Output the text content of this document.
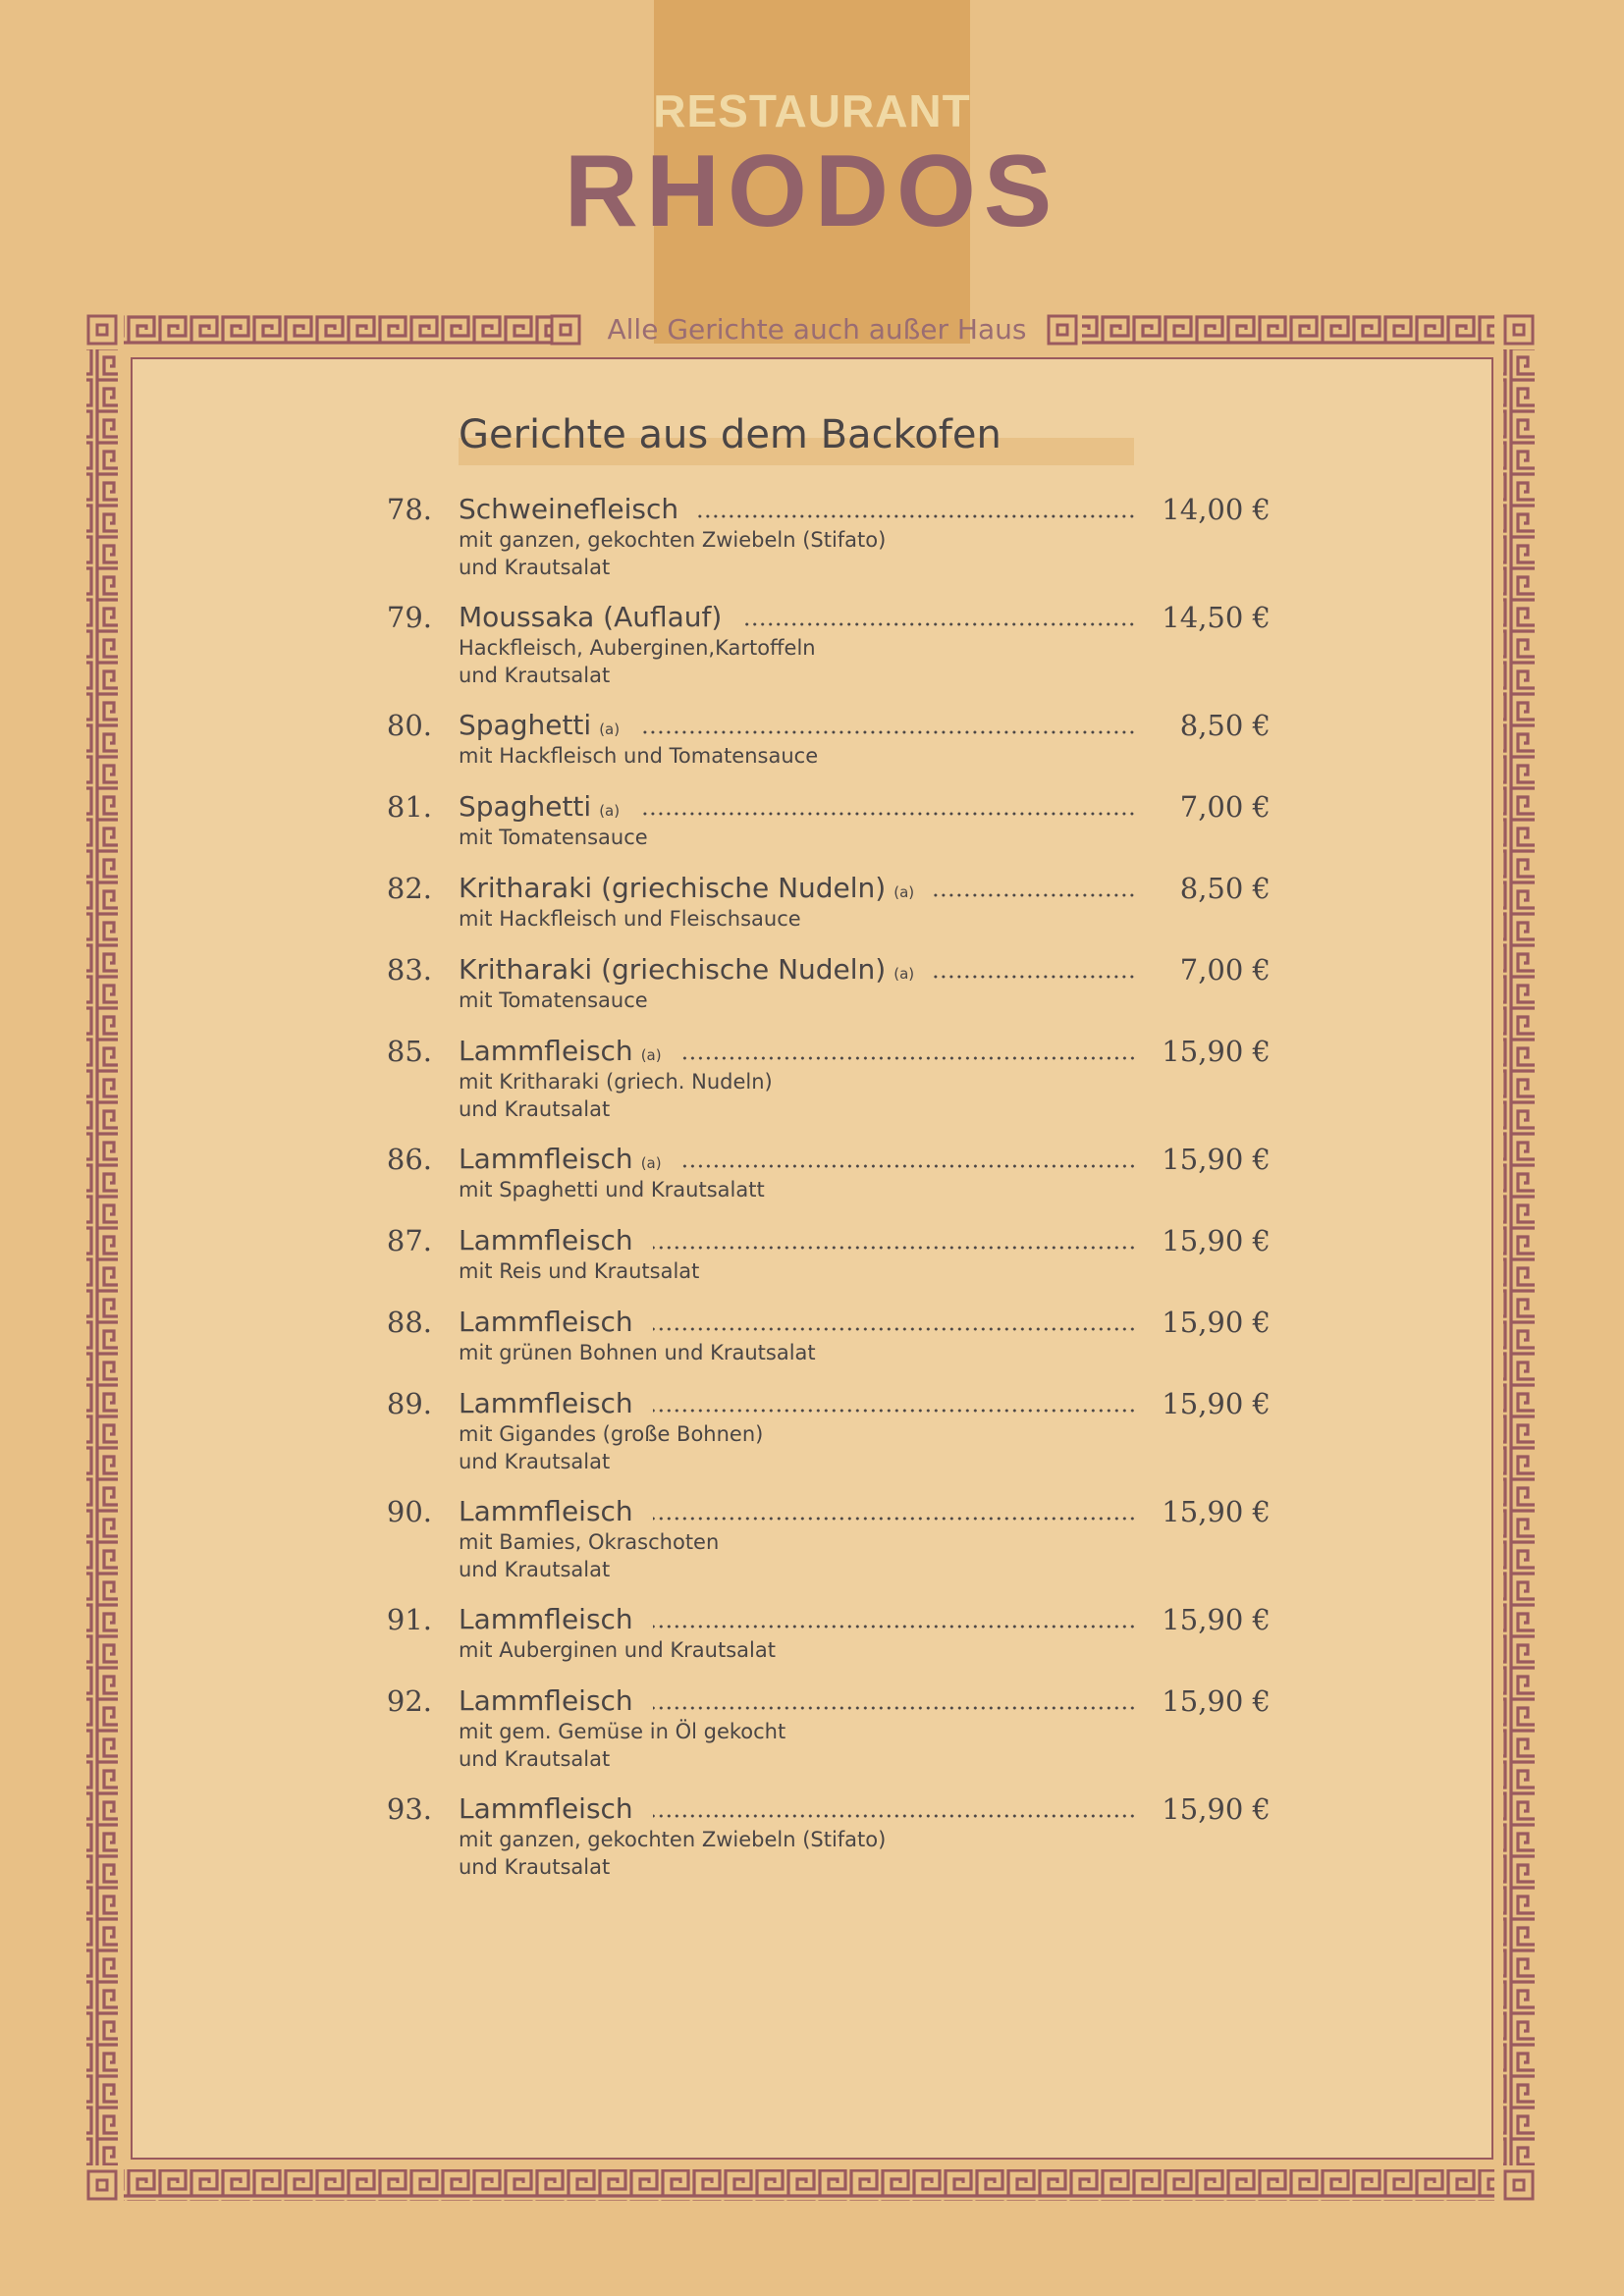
RESTAURANT
RHODOS
Alle Gerichte auch außer Haus
Gerichte aus dem Backofen
78. Schweinefleisch	14,00 €
mit ganzen, gekochten Zwiebeln (Stifato)
und Krautsalat
79. Moussaka (Auflauf)	14,50 €
Hackfleisch, Auberginen,Kartoffeln
und Krautsalat
80. Spaghetti (a)	8,50 €
mit Hackfleisch und Tomatensauce
81. Spaghetti (a)	7,00 €
mit Tomatensauce
82. Kritharaki (griechische Nudeln) (a)	8,50 €
mit Hackfleisch und Fleischsauce
83. Kritharaki (griechische Nudeln) (a)	7,00 €
mit Tomatensauce
85. Lammfleisch (a)	15,90 €
mit Kritharaki (griech. Nudeln)
und Krautsalat
86. Lammfleisch (a)	15,90 €
mit Spaghetti und Krautsalatt
87. Lammfleisch	15,90 €
mit Reis und Krautsalat
88. Lammfleisch	15,90 €
mit grünen Bohnen und Krautsalat
89. Lammfleisch	15,90 €
mit Gigandes (große Bohnen)
und Krautsalat
90. Lammfleisch	15,90 €
mit Bamies, Okraschoten
und Krautsalat
91. Lammfleisch	15,90 €
mit Auberginen und Krautsalat
92. Lammfleisch	15,90 €
mit gem. Gemüse in Öl gekocht
und Krautsalat
93. Lammfleisch	15,90 €
mit ganzen, gekochten Zwiebeln (Stifato)
und Krautsalat
